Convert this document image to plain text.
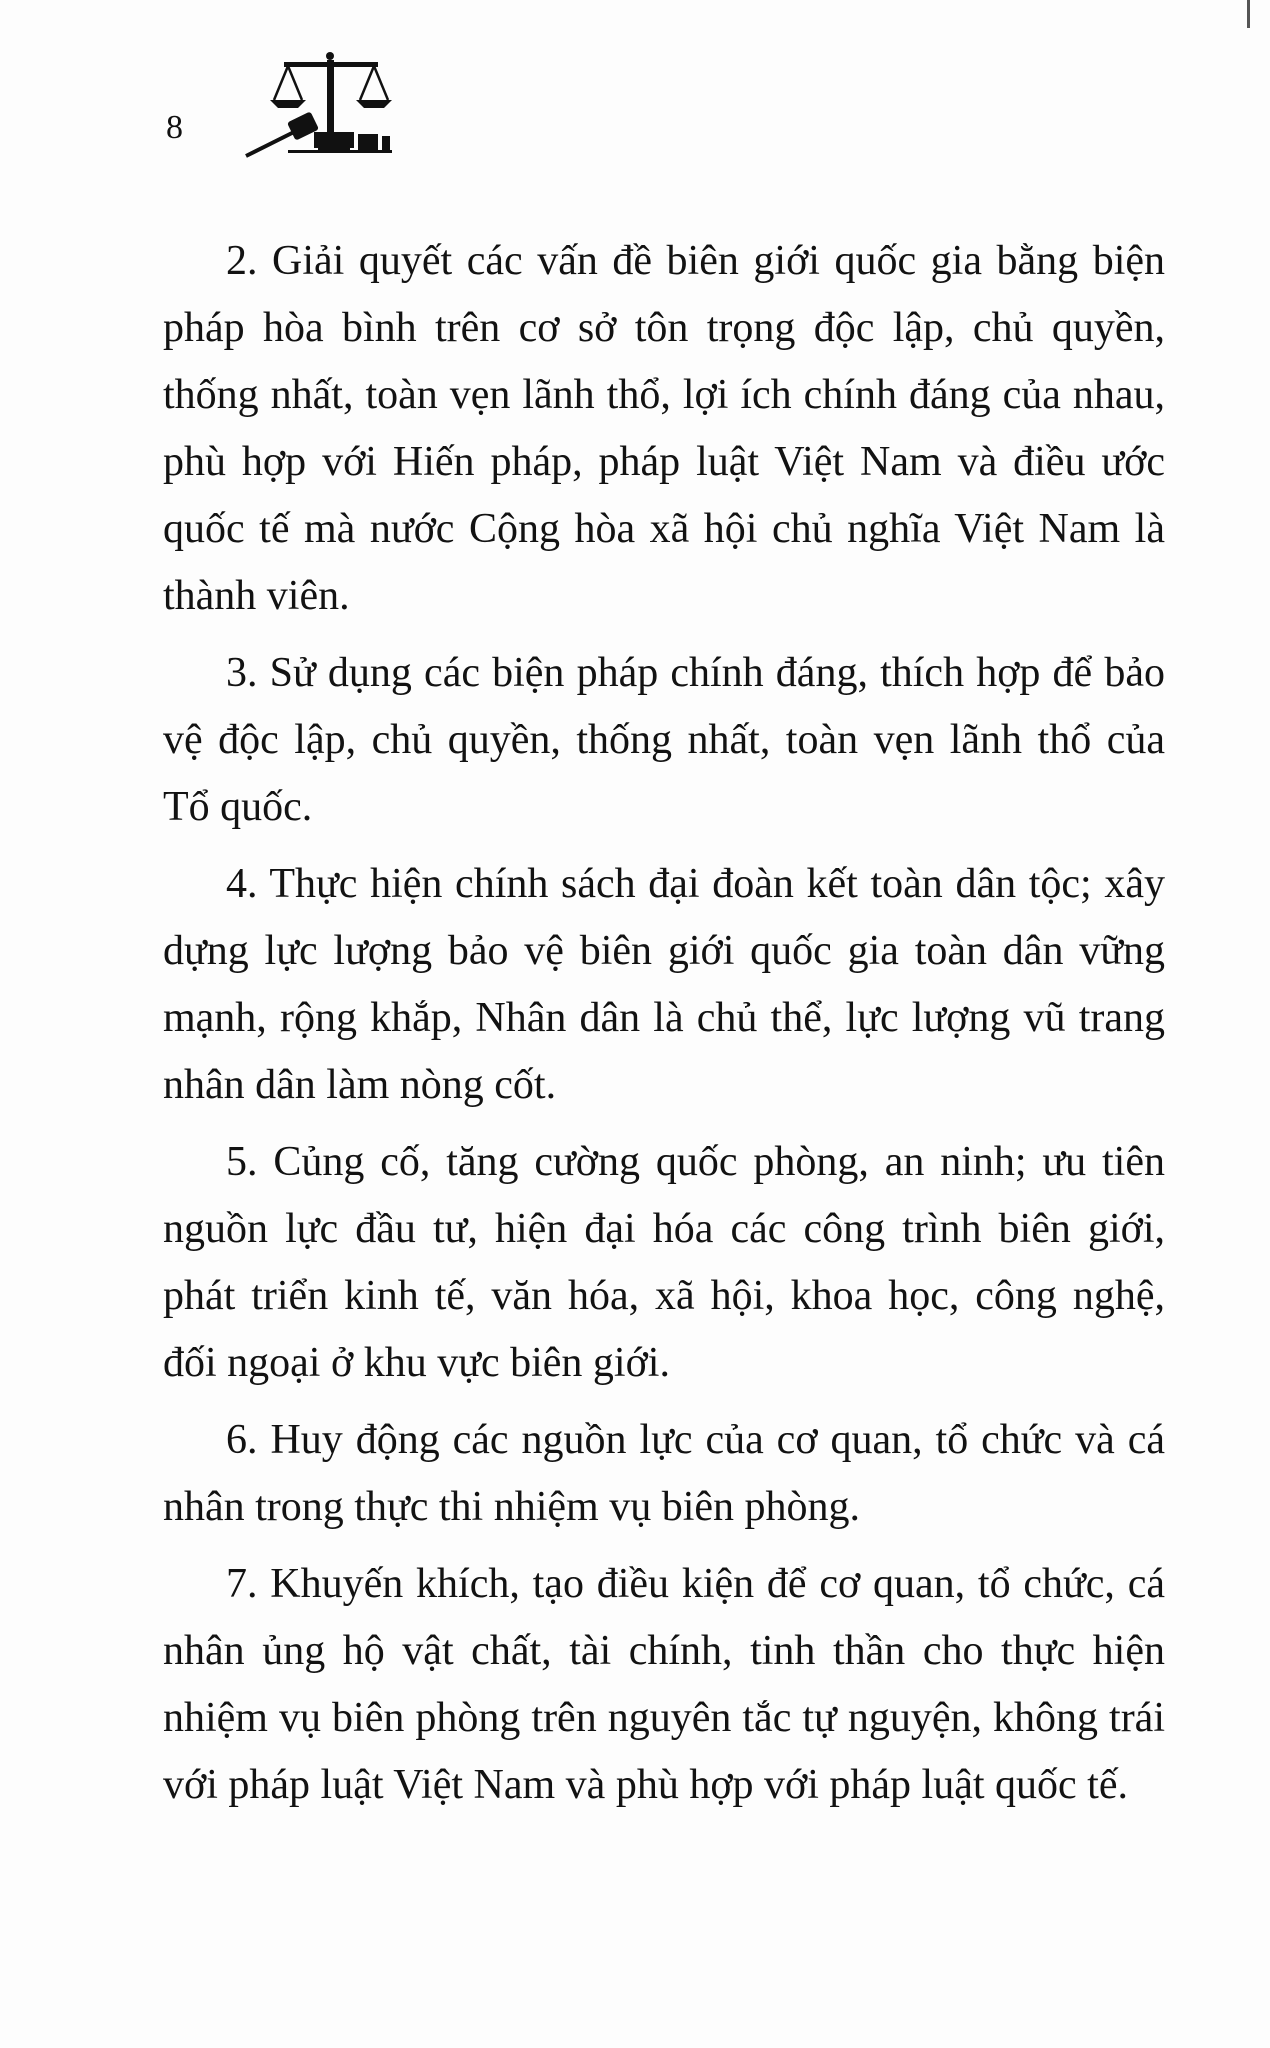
8

2. Giải quyết các vấn đề biên giới quốc gia bằng biện pháp hòa bình trên cơ sở tôn trọng độc lập, chủ quyền, thống nhất, toàn vẹn lãnh thổ, lợi ích chính đáng của nhau, phù hợp với Hiến pháp, pháp luật Việt Nam và điều ước quốc tế mà nước Cộng hòa xã hội chủ nghĩa Việt Nam là thành viên.

3. Sử dụng các biện pháp chính đáng, thích hợp để bảo vệ độc lập, chủ quyền, thống nhất, toàn vẹn lãnh thổ của Tổ quốc.

4. Thực hiện chính sách đại đoàn kết toàn dân tộc; xây dựng lực lượng bảo vệ biên giới quốc gia toàn dân vững mạnh, rộng khắp, Nhân dân là chủ thể, lực lượng vũ trang nhân dân làm nòng cốt.

5. Củng cố, tăng cường quốc phòng, an ninh; ưu tiên nguồn lực đầu tư, hiện đại hóa các công trình biên giới, phát triển kinh tế, văn hóa, xã hội, khoa học, công nghệ, đối ngoại ở khu vực biên giới.

6. Huy động các nguồn lực của cơ quan, tổ chức và cá nhân trong thực thi nhiệm vụ biên phòng.

7. Khuyến khích, tạo điều kiện để cơ quan, tổ chức, cá nhân ủng hộ vật chất, tài chính, tinh thần cho thực hiện nhiệm vụ biên phòng trên nguyên tắc tự nguyện, không trái với pháp luật Việt Nam và phù hợp với pháp luật quốc tế.
